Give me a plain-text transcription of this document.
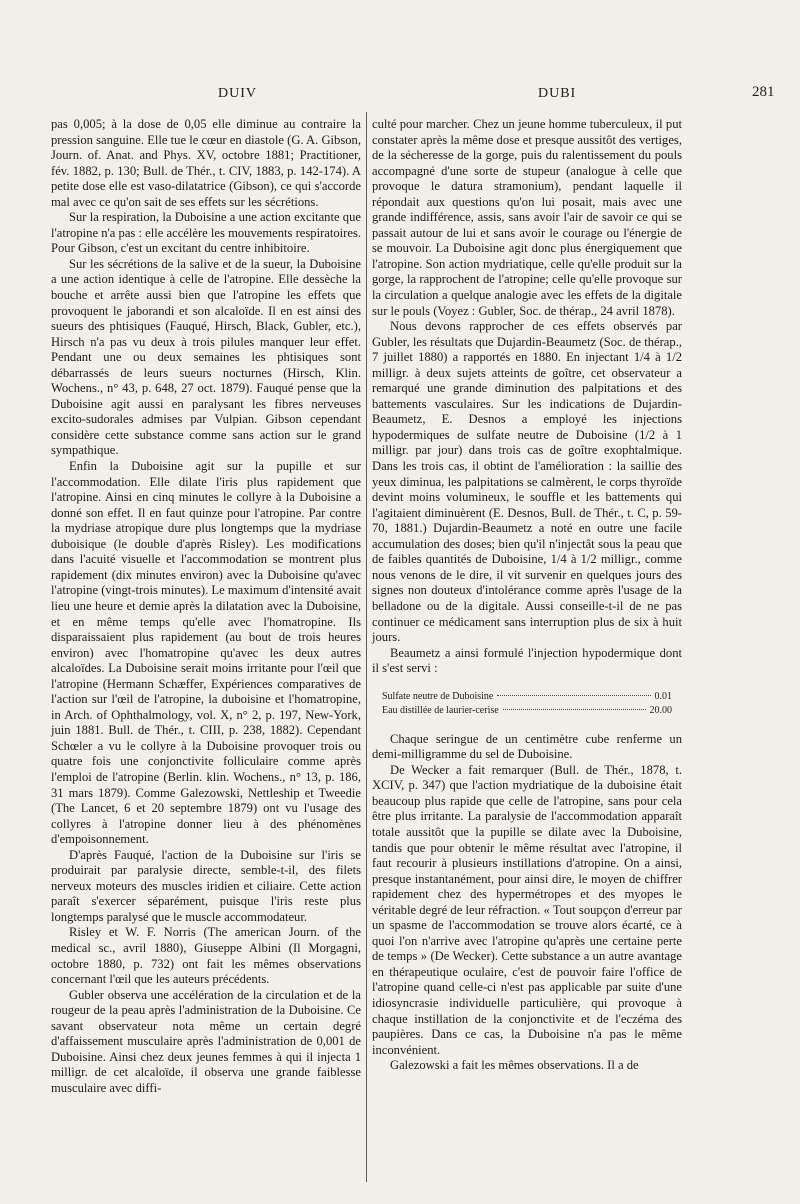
DUIV	DUBI	281

pas 0,005; à la dose de 0,05 elle diminue au contraire la pression sanguine. Elle tue le cœur en diastole (G. A. Gibson, Journ. of. Anat. and Phys. XV, octobre 1881; Practitioner, fév. 1882, p. 130; Bull. de Thér., t. CIV, 1883, p. 142-174). A petite dose elle est vaso-dilatatrice (Gibson), ce qui s'accorde mal avec ce qu'on sait de ses effets sur les sécrétions.

Sur la respiration, la Duboisine a une action excitante que l'atropine n'a pas : elle accélère les mouvements respiratoires. Pour Gibson, c'est un excitant du centre inhibitoire.

Sur les sécrétions de la salive et de la sueur, la Duboisine a une action identique à celle de l'atropine. Elle dessèche la bouche et arrête aussi bien que l'atropine les effets que provoquent le jaborandi et son alcaloïde. Il en est ainsi des sueurs des phtisiques (Fauqué, Hirsch, Black, Gubler, etc.), Hirsch n'a pas vu deux à trois pilules manquer leur effet. Pendant une ou deux semaines les phtisiques sont débarrassés de leurs sueurs nocturnes (Hirsch, Klin. Wochens., n° 43, p. 648, 27 oct. 1879). Fauqué pense que la Duboisine agit aussi en paralysant les fibres nerveuses excito-sudorales admises par Vulpian. Gibson cependant considère cette substance comme sans action sur le grand sympathique.

Enfin la Duboisine agit sur la pupille et sur l'accommodation. Elle dilate l'iris plus rapidement que l'atropine. Ainsi en cinq minutes le collyre à la Duboisine a donné son effet. Il en faut quinze pour l'atropine. Par contre la mydriase atropique dure plus longtemps que la mydriase duboisique (le double d'après Risley). Les modifications dans l'acuité visuelle et l'accommodation se montrent plus rapidement (dix minutes environ) avec la Duboisine qu'avec l'atropine (vingt-trois minutes). Le maximum d'intensité avait lieu une heure et demie après la dilatation avec la Duboisine, et en même temps qu'elle avec l'homatropine. Ils disparaissaient plus rapidement (au bout de trois heures environ) avec l'homatropine qu'avec les deux autres alcaloïdes. La Duboisine serait moins irritante pour l'œil que l'atropine (Hermann Schæffer, Expériences comparatives de l'action sur l'œil de l'atropine, la duboisine et l'homatropine, in Arch. of Ophthalmology, vol. X, n° 2, p. 197, New-York, juin 1881. Bull. de Thér., t. CIII, p. 238, 1882). Cependant Schœler a vu le collyre à la Duboisine provoquer trois ou quatre fois une conjonctivite folliculaire comme après l'emploi de l'atropine (Berlin. klin. Wochens., n° 13, p. 186, 31 mars 1879). Comme Galezowski, Nettleship et Tweedie (The Lancet, 6 et 20 septembre 1879) ont vu l'usage des collyres à l'atropine donner lieu à des phénomènes d'empoisonnement.

D'après Fauqué, l'action de la Duboisine sur l'iris se produirait par paralysie directe, semble-t-il, des filets nerveux moteurs des muscles iridien et ciliaire. Cette action paraît s'exercer séparément, puisque l'iris reste plus longtemps paralysé que le muscle accommodateur.

Risley et W. F. Norris (The american Journ. of the medical sc., avril 1880), Giuseppe Albini (Il Morgagni, octobre 1880, p. 732) ont fait les mêmes observations concernant l'œil que les auteurs précédents.

Gubler observa une accélération de la circulation et de la rougeur de la peau après l'administration de la Duboisine. Ce savant observateur nota même un certain degré d'affaissement musculaire après l'administration de 0,001 de Duboisine. Ainsi chez deux jeunes femmes à qui il injecta 1 milligr. de cet alcaloïde, il observa une grande faiblesse musculaire avec diffi-

culté pour marcher. Chez un jeune homme tuberculeux, il put constater après la même dose et presque aussitôt des vertiges, de la sécheresse de la gorge, puis du ralentissement du pouls accompagné d'une sorte de stupeur (analogue à celle que provoque le datura stramonium), pendant laquelle il répondait aux questions qu'on lui posait, mais avec une grande indifférence, assis, sans avoir l'air de savoir ce qui se passait autour de lui et sans avoir le courage ou l'énergie de se mouvoir. La Duboisine agit donc plus énergiquement que l'atropine. Son action mydriatique, celle qu'elle produit sur la gorge, la rapprochent de l'atropine; celle qu'elle provoque sur la circulation a quelque analogie avec les effets de la digitale sur le pouls (Voyez : Gubler, Soc. de thérap., 24 avril 1878).

Nous devons rapprocher de ces effets observés par Gubler, les résultats que Dujardin-Beaumetz (Soc. de thérap., 7 juillet 1880) a rapportés en 1880. En injectant 1/4 à 1/2 milligr. à deux sujets atteints de goître, cet observateur a remarqué une grande diminution des palpitations et des battements vasculaires. Sur les indications de Dujardin-Beaumetz, E. Desnos a employé les injections hypodermiques de sulfate neutre de Duboisine (1/2 à 1 milligr. par jour) dans trois cas de goître exophtalmique. Dans les trois cas, il obtint de l'amélioration : la saillie des yeux diminua, les palpitations se calmèrent, le corps thyroïde devint moins volumineux, le souffle et les battements qui l'agitaient diminuèrent (E. Desnos, Bull. de Thér., t. C, p. 59-70, 1881.) Dujardin-Beaumetz a noté en outre une facile accumulation des doses; bien qu'il n'injectât sous la peau que de faibles quantités de Duboisine, 1/4 à 1/2 milligr., comme nous venons de le dire, il vit survenir en quelques jours des signes non douteux d'intolérance comme après l'usage de la belladone ou de la digitale. Aussi conseille-t-il de ne pas continuer ce médicament sans interruption plus de six à huit jours.

Beaumetz a ainsi formulé l'injection hypodermique dont il s'est servi :

Sulfate neutre de Duboisine	0.01
Eau distillée de laurier-cerise	20.00

Chaque seringue de un centimètre cube renferme un demi-milligramme du sel de Duboisine.

De Wecker a fait remarquer (Bull. de Thér., 1878, t. XCIV, p. 347) que l'action mydriatique de la duboisine était beaucoup plus rapide que celle de l'atropine, sans pour cela être plus irritante. La paralysie de l'accommodation apparaît totale aussitôt que la pupille se dilate avec la Duboisine, tandis que pour obtenir le même résultat avec l'atropine, il faut recourir à plusieurs instillations d'atropine. On a ainsi, presque instantanément, pour ainsi dire, le moyen de chiffrer rapidement chez des hypermétropes et des myopes le véritable degré de leur réfraction. « Tout soupçon d'erreur par un spasme de l'accommodation se trouve alors écarté, ce à quoi l'on n'arrive avec l'atropine qu'après une certaine perte de temps » (De Wecker). Cette substance a un autre avantage en thérapeutique oculaire, c'est de pouvoir faire l'office de l'atropine quand celle-ci n'est pas applicable par suite d'une idiosyncrasie individuelle particulière, qui provoque à chaque instillation de la conjonctivite et de l'eczéma des paupières. Dans ce cas, la Duboisine n'a pas le même inconvénient.

Galezowski a fait les mêmes observations. Il a de
